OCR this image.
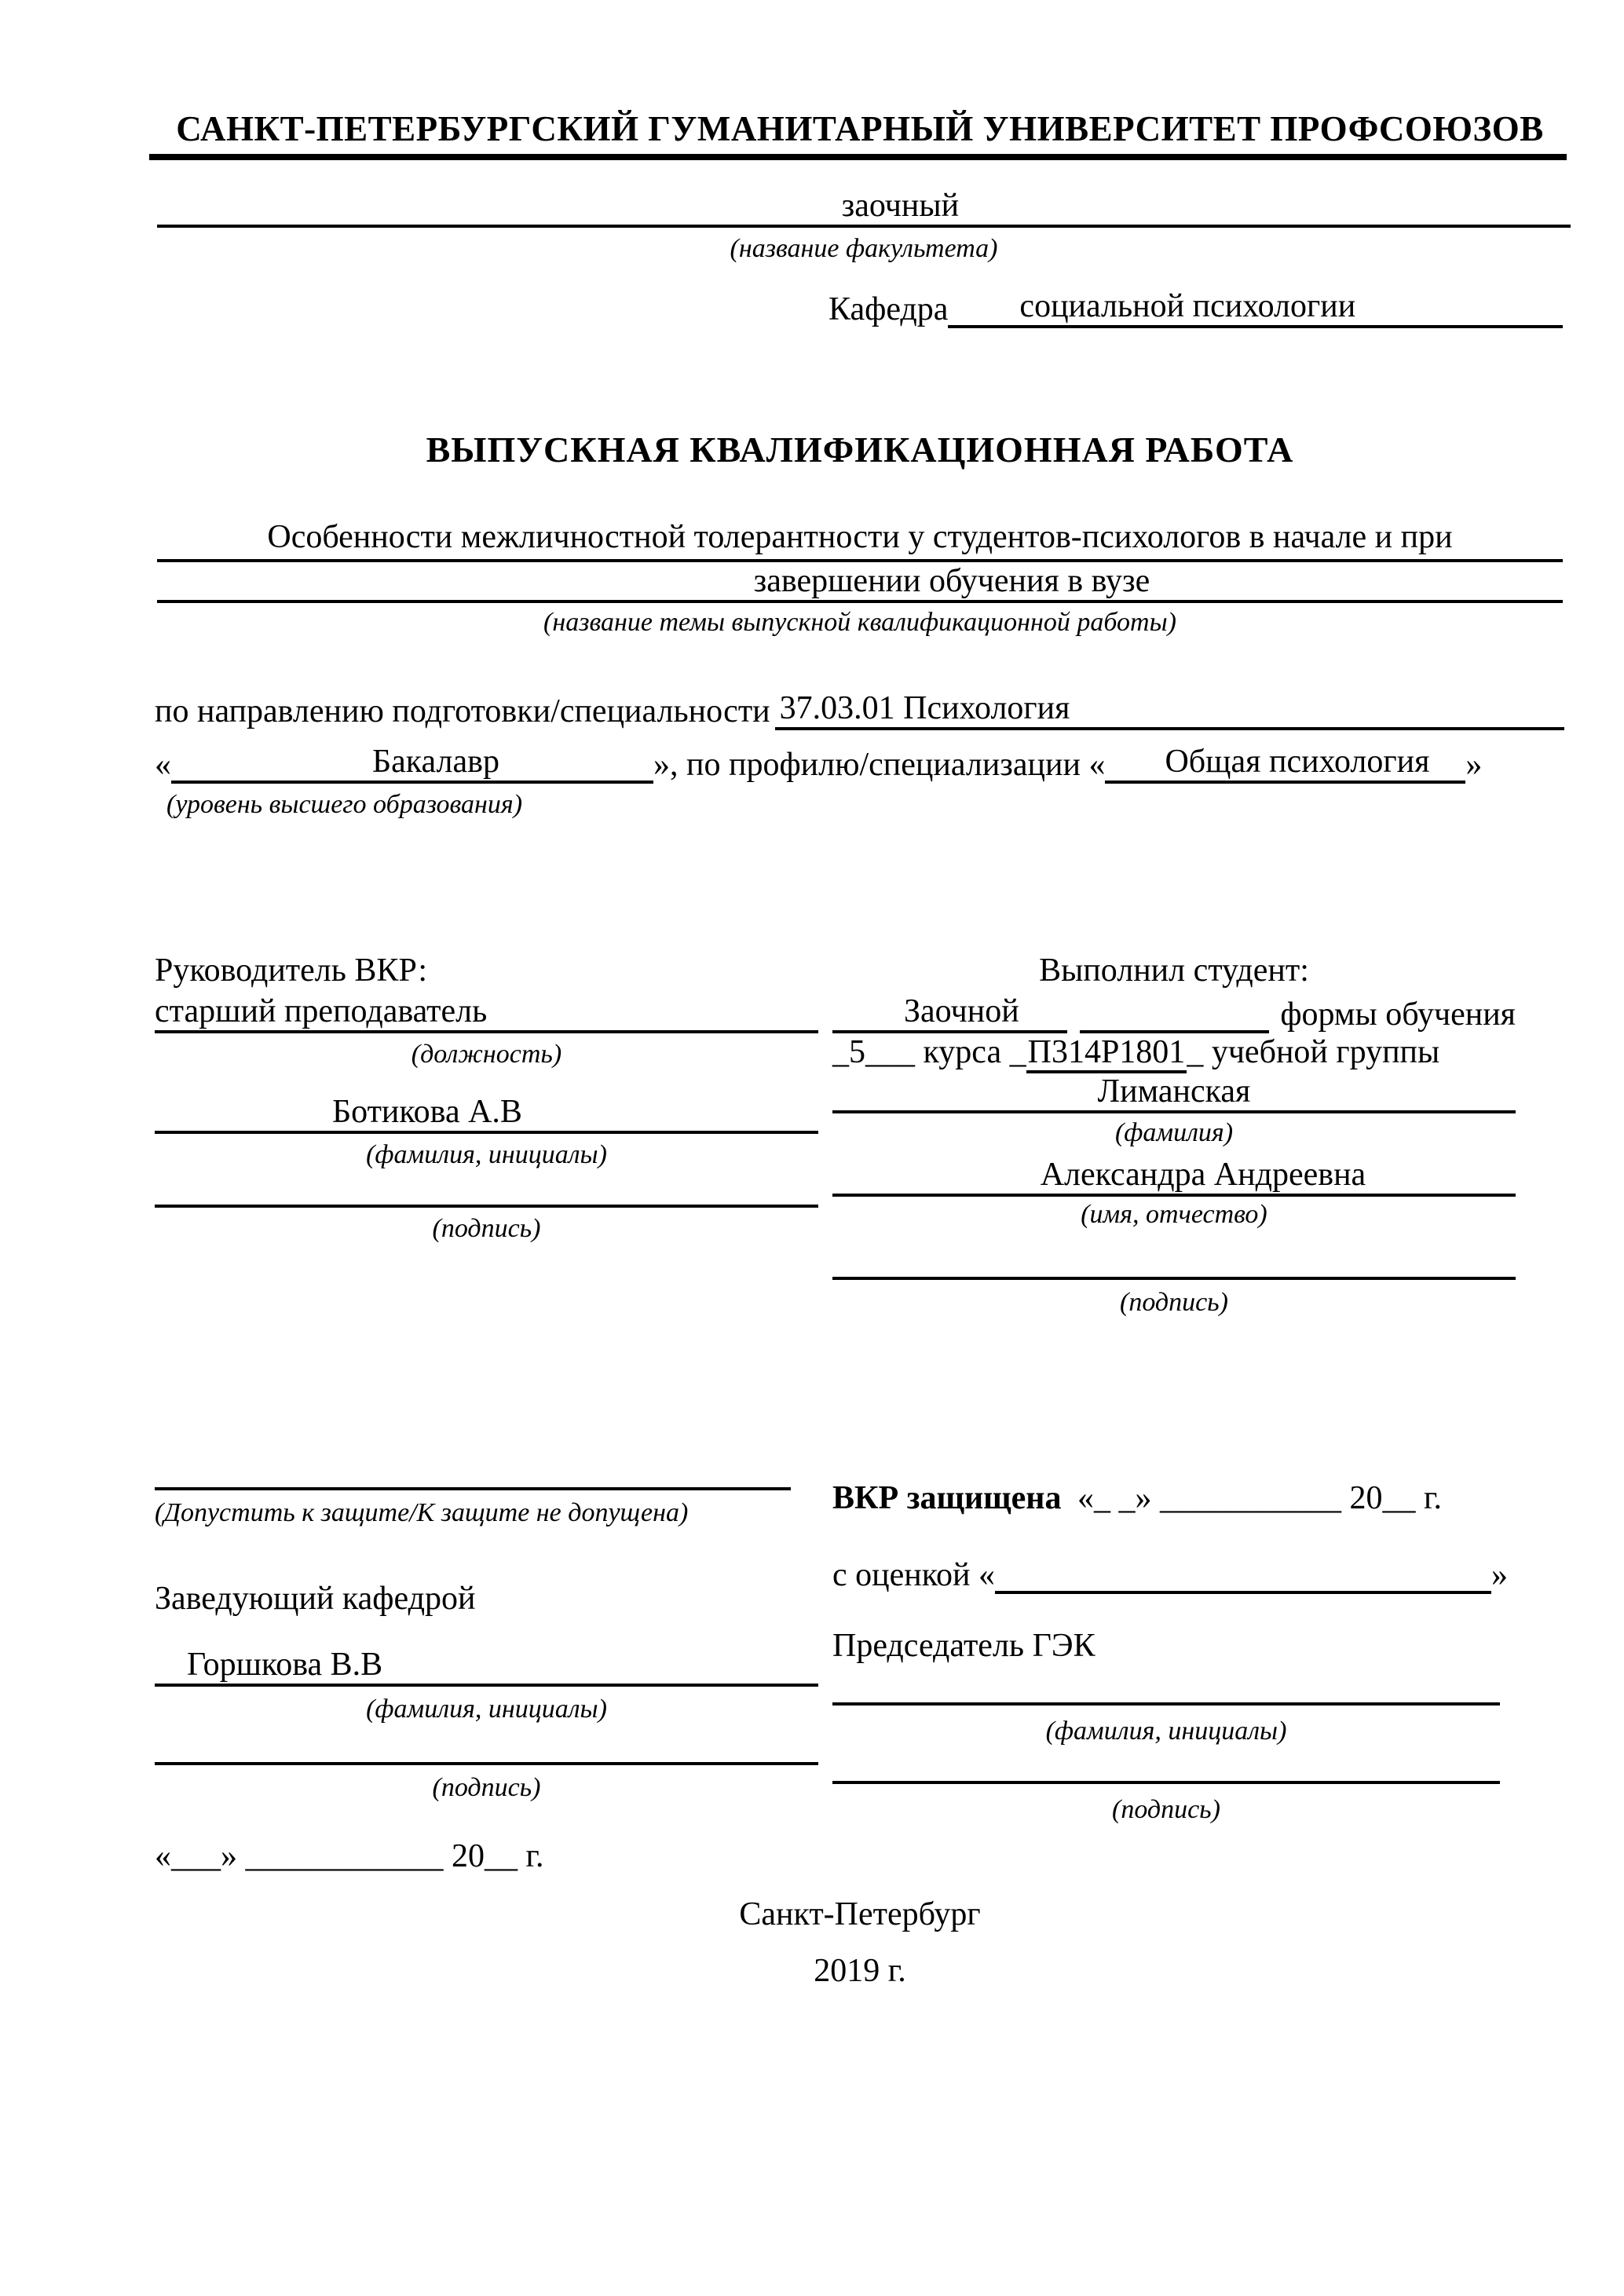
САНКТ-ПЕТЕРБУРГСКИЙ ГУМАНИТАРНЫЙ УНИВЕРСИТЕТ ПРОФСОЮЗОВ
заочный
(название факультета)
Кафедра социальной психологии
ВЫПУСКНАЯ КВАЛИФИКАЦИОННАЯ РАБОТА
Особенности межличностной толерантности у студентов-психологов в начале и при
завершении обучения в вузе
(название темы выпускной квалификационной работы)
по направлению подготовки/специальности 37.03.01 Психология
«	Бакалавр	», по профилю/специализации « Общая психология »
(уровень высшего образования)
Руководитель ВКР:
старший преподаватель
(должность)
Ботикова А.В
(фамилия, инициалы)
(подпись)
Выполнил студент:
Заочной	формы обучения
_5___ курса _П314Р1801_ учебной группы
Лиманская
(фамилия)
Александра Андреевна
(имя, отчество)
(подпись)
(Допустить к защите/К защите не допущена)
Заведующий кафедрой
Горшкова В.В
(фамилия, инициалы)
(подпись)
«___» ____________ 20__ г.
ВКР защищена «_ _» ___________ 20__ г.
с оценкой «	»
Председатель ГЭК
(фамилия, инициалы)
(подпись)
Санкт-Петербург
2019 г.
